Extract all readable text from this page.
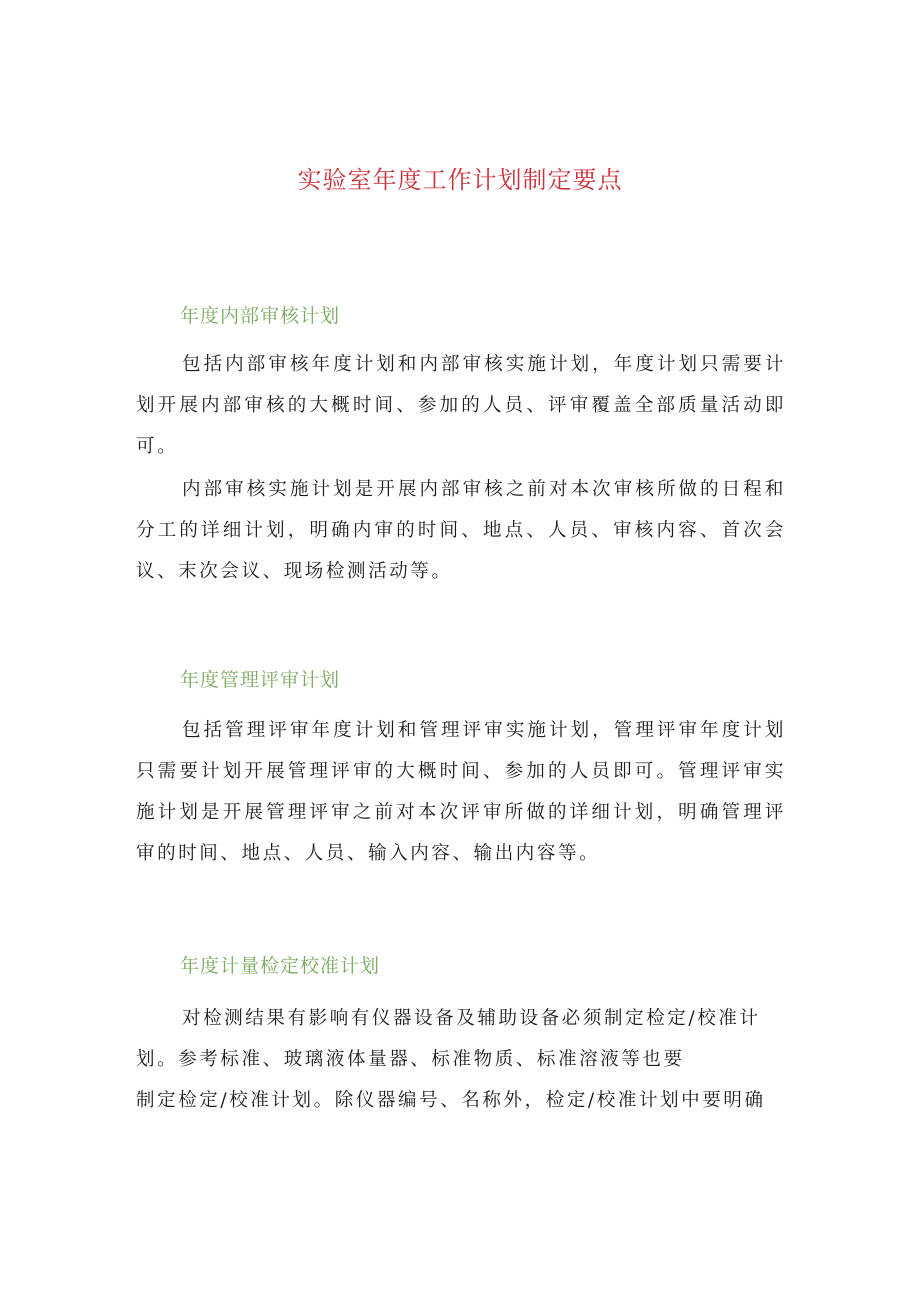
实验室年度工作计划制定要点
年度内部审核计划

包括内部审核年度计划和内部审核实施计划，年度计划只需要计划开展内部审核的大概时间、参加的人员、评审覆盖全部质量活动即可。

内部审核实施计划是开展内部审核之前对本次审核所做的日程和分工的详细计划，明确内审的时间、地点、人员、审核内容、首次会议、末次会议、现场检测活动等。

年度管理评审计划

包括管理评审年度计划和管理评审实施计划，管理评审年度计划只需要计划开展管理评审的大概时间、参加的人员即可。管理评审实施计划是开展管理评审之前对本次评审所做的详细计划，明确管理评审的时间、地点、人员、输入内容、输出内容等。

年度计量检定校准计划
对检测结果有影响有仪器设备及辅助设备必须制定检定/校准计
划。参考标准、玻璃液体量器、标准物质、标准溶液等也要
制定检定/校准计划。除仪器编号、名称外，检定/校准计划中要明确
